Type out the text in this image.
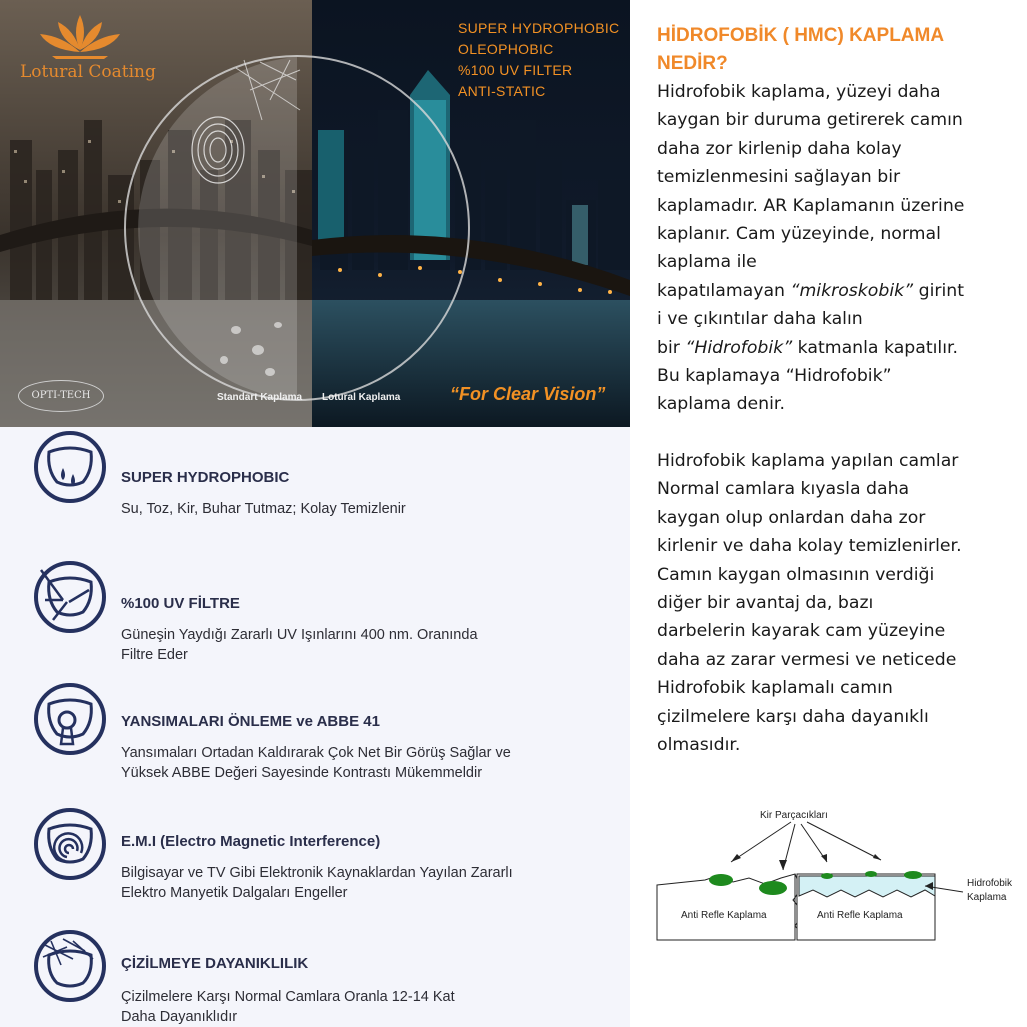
Lotural Coating
SUPER HYDROPHOBIC
OLEOPHOBIC
%100 UV FILTER
ANTI-STATIC
OPTI-TECH	Standart Kaplama Lotural Kaplama	“For Clear Vision”
SUPER HYDROPHOBIC

Su, Toz, Kir, Buhar Tutmaz; Kolay Temizlenir

%100 UV FİLTRE

Güneşin Yaydığı Zararlı UV Işınlarını 400 nm. Oranında
Filtre Eder

YANSIMALARI ÖNLEME ve ABBE 41

Yansımaları Ortadan Kaldırarak Çok Net Bir Görüş Sağlar ve
Yüksek ABBE Değeri Sayesinde Kontrastı Mükemmeldir

E.M.I (Electro Magnetic Interference)

Bilgisayar ve TV Gibi Elektronik Kaynaklardan Yayılan Zararlı
Elektro Manyetik Dalgaları Engeller

ÇİZİLMEYE DAYANIKLILIK

Çizilmelere Karşı Normal Camlara Oranla 12-14 Kat
Daha Dayanıklıdır

HİDROFOBİK ( HMC) KAPLAMA
NEDİR?

Hidrofobik kaplama, yüzeyi daha
kaygan bir duruma getirerek camın
daha zor kirlenip daha kolay
temizlenmesini sağlayan bir
kaplamadır. AR Kaplamanın üzerine
kaplanır. Cam yüzeyinde, normal
kaplama ile
kapatılamayan “mikroskobik” girint
i ve çıkıntılar daha kalın
bir “Hidrofobik” katmanla kapatılır.
Bu kaplamaya “Hidrofobik”
kaplama denir.

Hidrofobik kaplama yapılan camlar
Normal camlara kıyasla daha
kaygan olup onlardan daha zor
kirlenir ve daha kolay temizlenirler.
Camın kaygan olmasının verdiği
diğer bir avantaj da, bazı
darbelerin kayarak cam yüzeyine
daha az zarar vermesi ve neticede
Hidrofobik kaplamalı camın
çizilmelere karşı daha dayanıklı
olmasıdır.

Kir Parçacıkları
Anti Refle Kaplama	Anti Refle Kaplama
Hidrofobik
Kaplama
